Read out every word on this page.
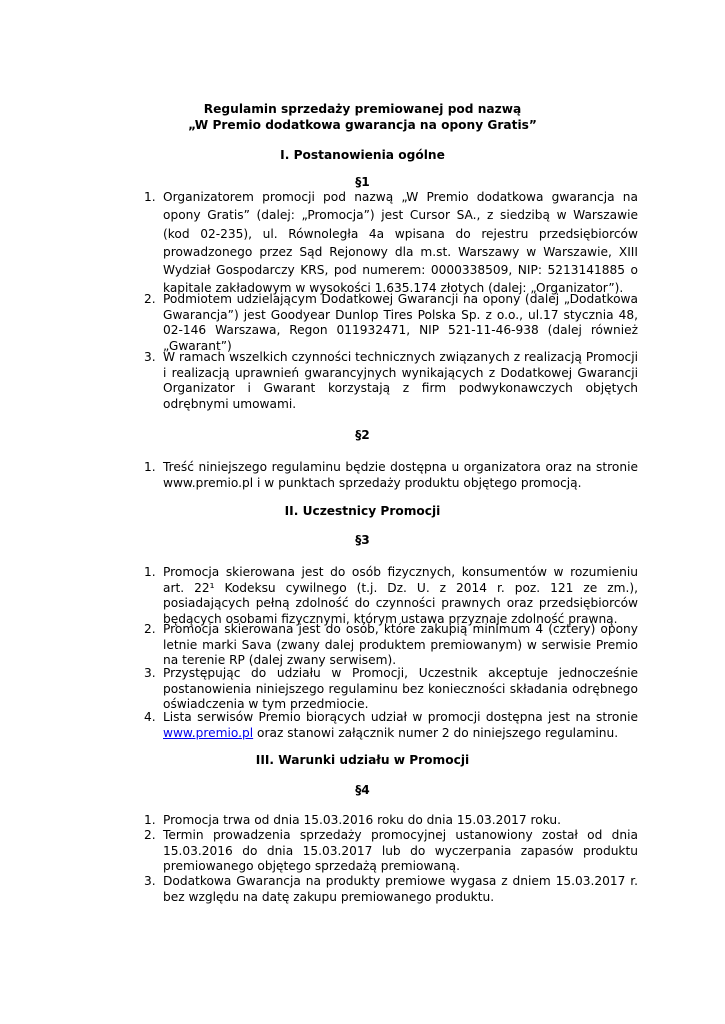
Regulamin sprzedaży premiowanej pod nazwą
„W Premio dodatkowa gwarancja na opony Gratis”
I. Postanowienia ogólne
§1
1. Organizatorem promocji pod nazwą „W Premio dodatkowa gwarancja na opony Gratis” (dalej: „Promocja”) jest Cursor SA., z siedzibą w Warszawie (kod 02-235), ul. Równoległa 4a wpisana do rejestru przedsiębiorców prowadzonego przez Sąd Rejonowy dla m.st. Warszawy w Warszawie, XIII Wydział Gospodarczy KRS, pod numerem: 0000338509, NIP: 5213141885 o kapitale zakładowym w wysokości 1.635.174 złotych (dalej: „Organizator”).
2. Podmiotem udzielającym Dodatkowej Gwarancji na opony (dalej „Dodatkowa Gwarancja”) jest Goodyear Dunlop Tires Polska Sp. z o.o., ul.17 stycznia 48, 02-146 Warszawa, Regon 011932471, NIP 521-11-46-938 (dalej również „Gwarant”)
3. W ramach wszelkich czynności technicznych związanych z realizacją Promocji i realizacją uprawnień gwarancyjnych wynikających z Dodatkowej Gwarancji Organizator i Gwarant korzystają z firm podwykonawczych objętych odrębnymi umowami.
§2
1. Treść niniejszego regulaminu będzie dostępna u organizatora oraz na stronie www.premio.pl i w punktach sprzedaży produktu objętego promocją.
II. Uczestnicy Promocji
§3
1. Promocja skierowana jest do osób fizycznych, konsumentów w rozumieniu art. 22¹ Kodeksu cywilnego (t.j. Dz. U. z 2014 r. poz. 121 ze zm.), posiadających pełną zdolność do czynności prawnych oraz przedsiębiorców będących osobami fizycznymi, którym ustawa przyznaje zdolność prawną.
2. Promocja skierowana jest do osób, które zakupią minimum 4 (cztery) opony letnie marki Sava (zwany dalej produktem premiowanym) w serwisie Premio na terenie RP (dalej zwany serwisem).
3. Przystępując do udziału w Promocji, Uczestnik akceptuje jednocześnie postanowienia niniejszego regulaminu bez konieczności składania odrębnego oświadczenia w tym przedmiocie.
4. Lista serwisów Premio biorących udział w promocji dostępna jest na stronie www.premio.pl oraz stanowi załącznik numer 2 do niniejszego regulaminu.
III. Warunki udziału w Promocji
§4
1. Promocja trwa od dnia 15.03.2016 roku do dnia 15.03.2017 roku.
2. Termin prowadzenia sprzedaży promocyjnej ustanowiony został od dnia 15.03.2016 do dnia 15.03.2017 lub do wyczerpania zapasów produktu premiowanego objętego sprzedażą premiowaną.
3. Dodatkowa Gwarancja na produkty premiowe wygasa z dniem 15.03.2017 r. bez względu na datę zakupu premiowanego produktu.
